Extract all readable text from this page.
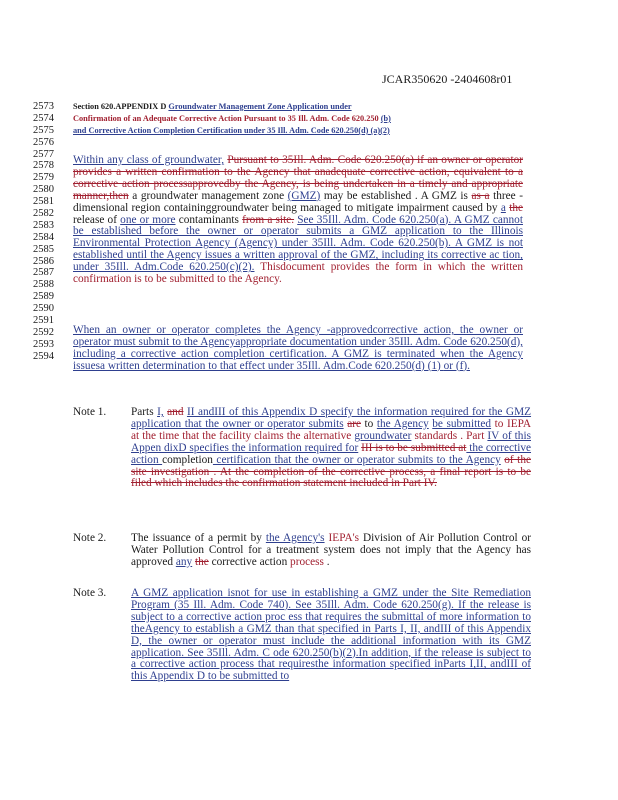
JCAR350620 -2404608r01
2573
2574
2575
2576
2577
2578
2579
2580
2581
2582
2583
2584
2585
2586
2587
2588
2589
2590
2591
2592
2593
2594
Section 620.APPENDIX D Groundwater Management Zone Application under
Confirmation of an Adequate Corrective Action Pursuant to 35 Ill. Adm. Code 620.250 (b)
and Corrective Action Completion Certification under 35 Ill. Adm. Code 620.250(d) (a)(2)
Within any class of groundwater, Pursuant to 35Ill. Adm. Code 620.250(a) if an owner or operator provides a written confirmation to the Agency that anadequate corrective action, equivalent to a corrective action processapprovedby the Agency, is being undertaken in a timely and appropriate manner,then a groundwater management zone (GMZ) may be established . A GMZ is as a three -dimensional region containinggroundwater being managed to mitigate impairment caused by a the release of one or more contaminants from a site. See 35Ill. Adm. Code 620.250(a). A GMZ cannot be established before the owner or operator submits a GMZ application to the Illinois Environmental Protection Agency (Agency) under 35Ill. Adm. Code 620.250(b). A GMZ is not established until the Agency issues a written approval of the GMZ, including its corrective ac tion, under 35Ill. Adm.Code 620.250(c)(2). Thisdocument provides the form in which the written confirmation is to be submitted to the Agency.
When an owner or operator completes the Agency -approvedcorrective action, the owner or operator must submit to the Agencyappropriate documentation under 35Ill. Adm. Code 620.250(d), including a corrective action completion certification. A GMZ is terminated when the Agency issuesa written determination to that effect under 35Ill. Adm.Code 620.250(d) (1) or (f).
Note 1.	Parts I, and II andIII of this Appendix D specify the information required for the GMZ application that the owner or operator submits are to the Agency be submitted to IEPA at the time that the facility claims the alternative groundwater standards . Part IV of this Appen dixD specifies the information required for III is to be submitted at the corrective action completion certification that the owner or operator submits to the Agency of the site investigation . At the completion of the corrective process, a final report is to be filed which includes the confirmation statement included in Part IV.
Note 2.	The issuance of a permit by the Agency's IEPA's Division of Air Pollution Control or Water Pollution Control for a treatment system does not imply that the Agency has approved any the corrective action process .
Note 3.	A GMZ application isnot for use in establishing a GMZ under the Site Remediation Program (35 Ill. Adm. Code 740). See 35Ill. Adm. Code 620.250(g). If the release is subject to a corrective action proc ess that requires the submittal of more information to theAgency to establish a GMZ than that specified in Parts I, II, andIII of this Appendix D, the owner or operator must include the additional information with its GMZ application. See 35Ill. Adm. C ode 620.250(b)(2).In addition, if the release is subject to a corrective action process that requiresthe information specified inParts I,II, andIII of this Appendix D to be submitted to
